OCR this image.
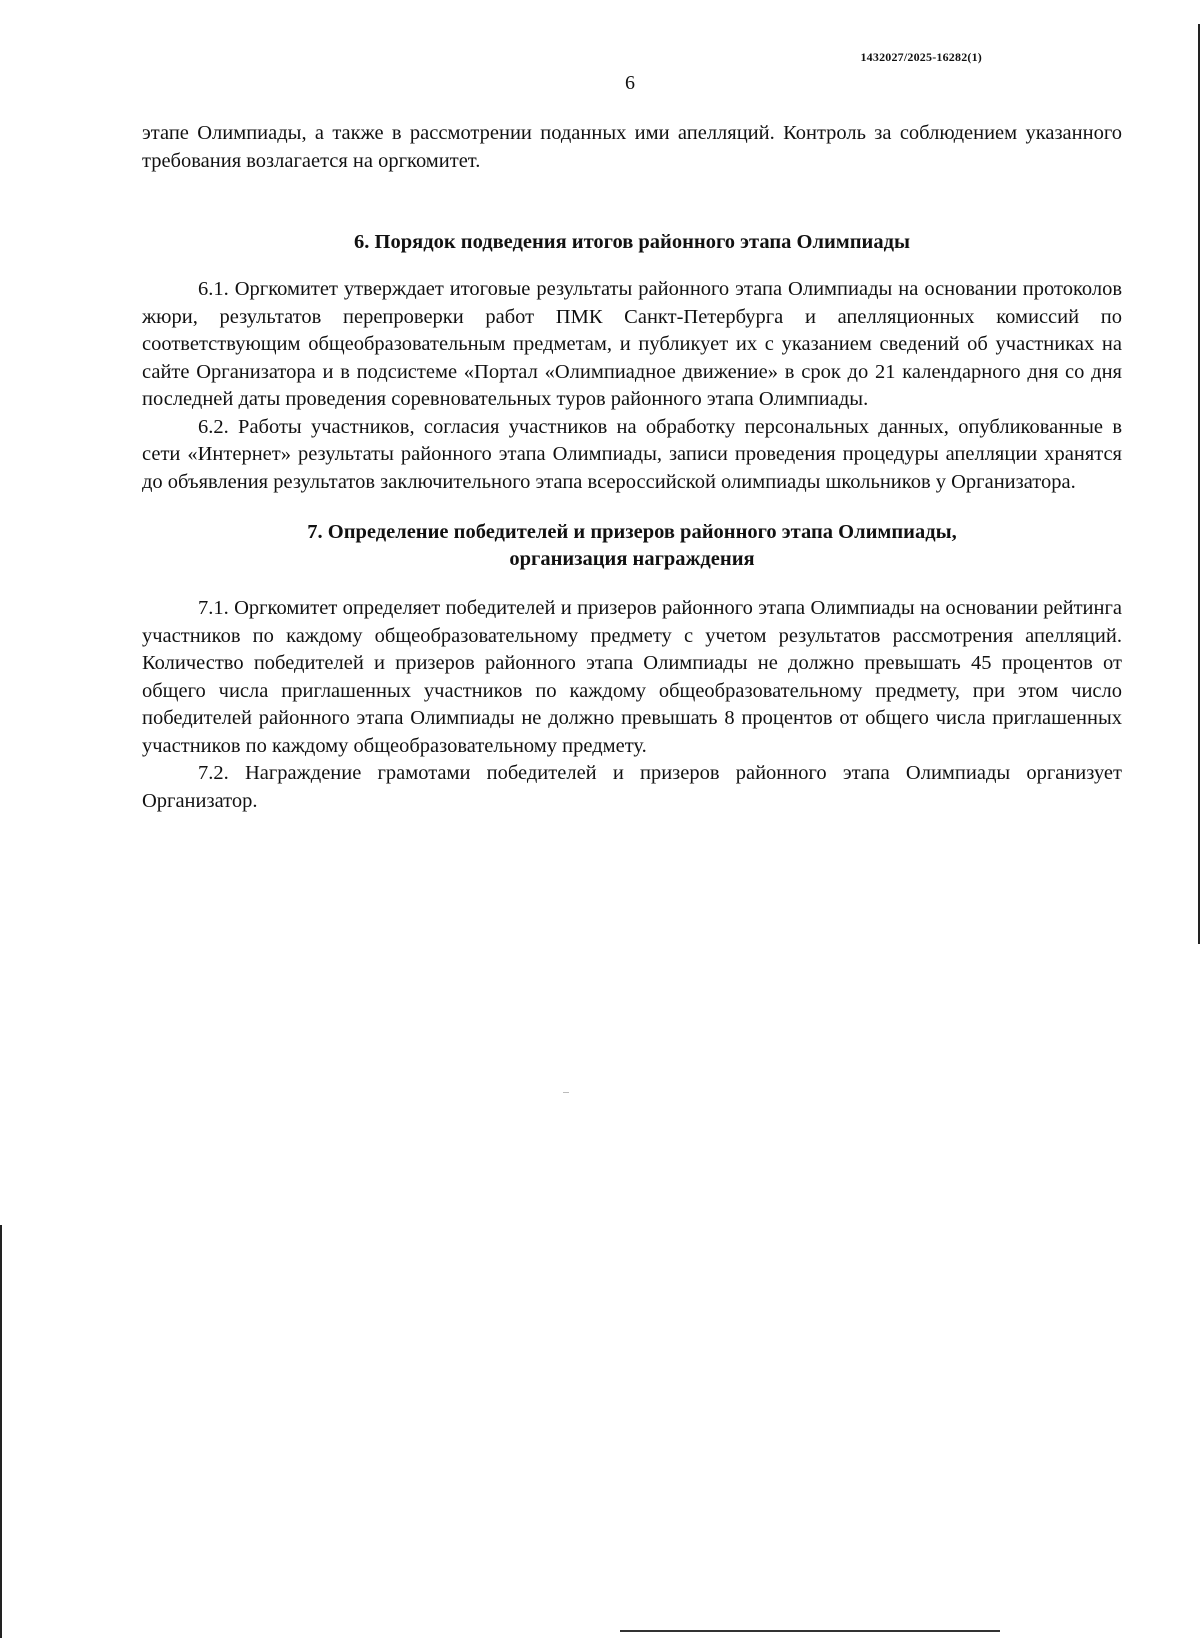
1432027/2025-16282(1)
6

этапе Олимпиады, а также в рассмотрении поданных ими апелляций. Контроль за соблюдением указанного требования возлагается на оргкомитет.

6. Порядок подведения итогов районного этапа Олимпиады

6.1. Оргкомитет утверждает итоговые результаты районного этапа Олимпиады на основании протоколов жюри, результатов перепроверки работ ПМК Санкт-Петербурга и апелляционных комиссий по соответствующим общеобразовательным предметам, и публикует их с указанием сведений об участниках на сайте Организатора и в подсистеме «Портал «Олимпиадное движение» в срок до 21 календарного дня со дня последней даты проведения соревновательных туров районного этапа Олимпиады.

6.2. Работы участников, согласия участников на обработку персональных данных, опубликованные в сети «Интернет» результаты районного этапа Олимпиады, записи проведения процедуры апелляции хранятся до объявления результатов заключительного этапа всероссийской олимпиады школьников у Организатора.

7. Определение победителей и призеров районного этапа Олимпиады,
организация награждения

7.1. Оргкомитет определяет победителей и призеров районного этапа Олимпиады на основании рейтинга участников по каждому общеобразовательному предмету с учетом результатов рассмотрения апелляций. Количество победителей и призеров районного этапа Олимпиады не должно превышать 45 процентов от общего числа приглашенных участников по каждому общеобразовательному предмету, при этом число победителей районного этапа Олимпиады не должно превышать 8 процентов от общего числа приглашенных участников по каждому общеобразовательному предмету.

7.2. Награждение грамотами победителей и призеров районного этапа Олимпиады организует Организатор.
